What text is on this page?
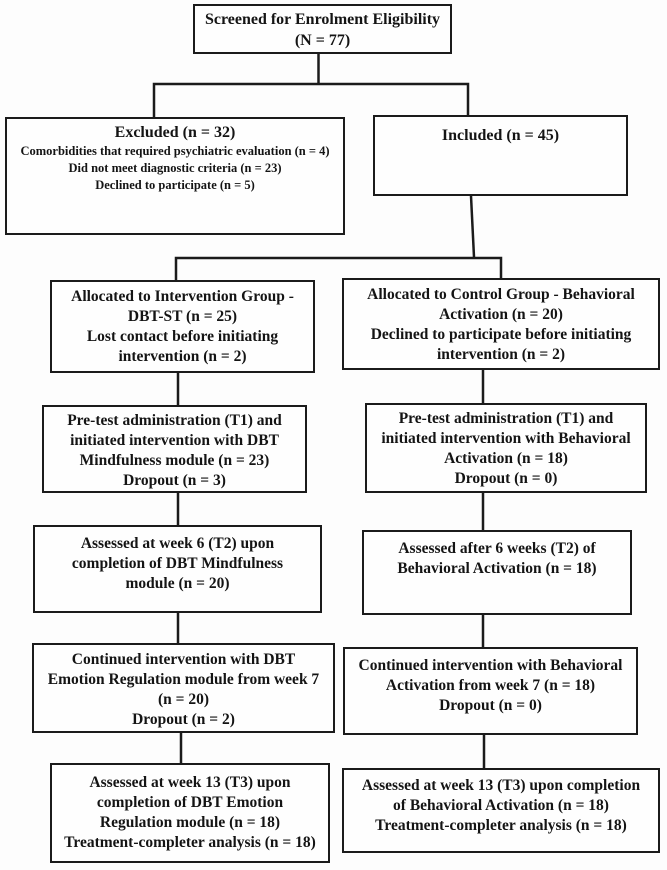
Screened for Enrolment Eligibility
(N = 77)
Excluded (n = 32)
Comorbidities that required psychiatric evaluation (n = 4)
Did not meet diagnostic criteria (n = 23)
Declined to participate (n = 5)
Included (n = 45)
Allocated to Intervention Group -
DBT-ST (n = 25)
Lost contact before initiating
intervention (n = 2)
Allocated to Control Group - Behavioral
Activation (n = 20)
Declined to participate before initiating
intervention (n = 2)
Pre-test administration (T1) and
initiated intervention with DBT
Mindfulness module (n = 23)
Dropout (n = 3)
Pre-test administration (T1) and
initiated intervention with Behavioral
Activation (n = 18)
Dropout (n = 0)
Assessed at week 6 (T2) upon
completion of DBT Mindfulness
module (n = 20)
Assessed after 6 weeks (T2) of
Behavioral Activation (n = 18)
Continued intervention with DBT
Emotion Regulation module from week 7
(n = 20)
Dropout (n = 2)
Continued intervention with Behavioral
Activation from week 7 (n = 18)
Dropout (n = 0)
Assessed at week 13 (T3) upon
completion of DBT Emotion
Regulation module (n = 18)
Treatment-completer analysis (n = 18)
Assessed at week 13 (T3) upon completion
of Behavioral Activation (n = 18)
Treatment-completer analysis (n = 18)
